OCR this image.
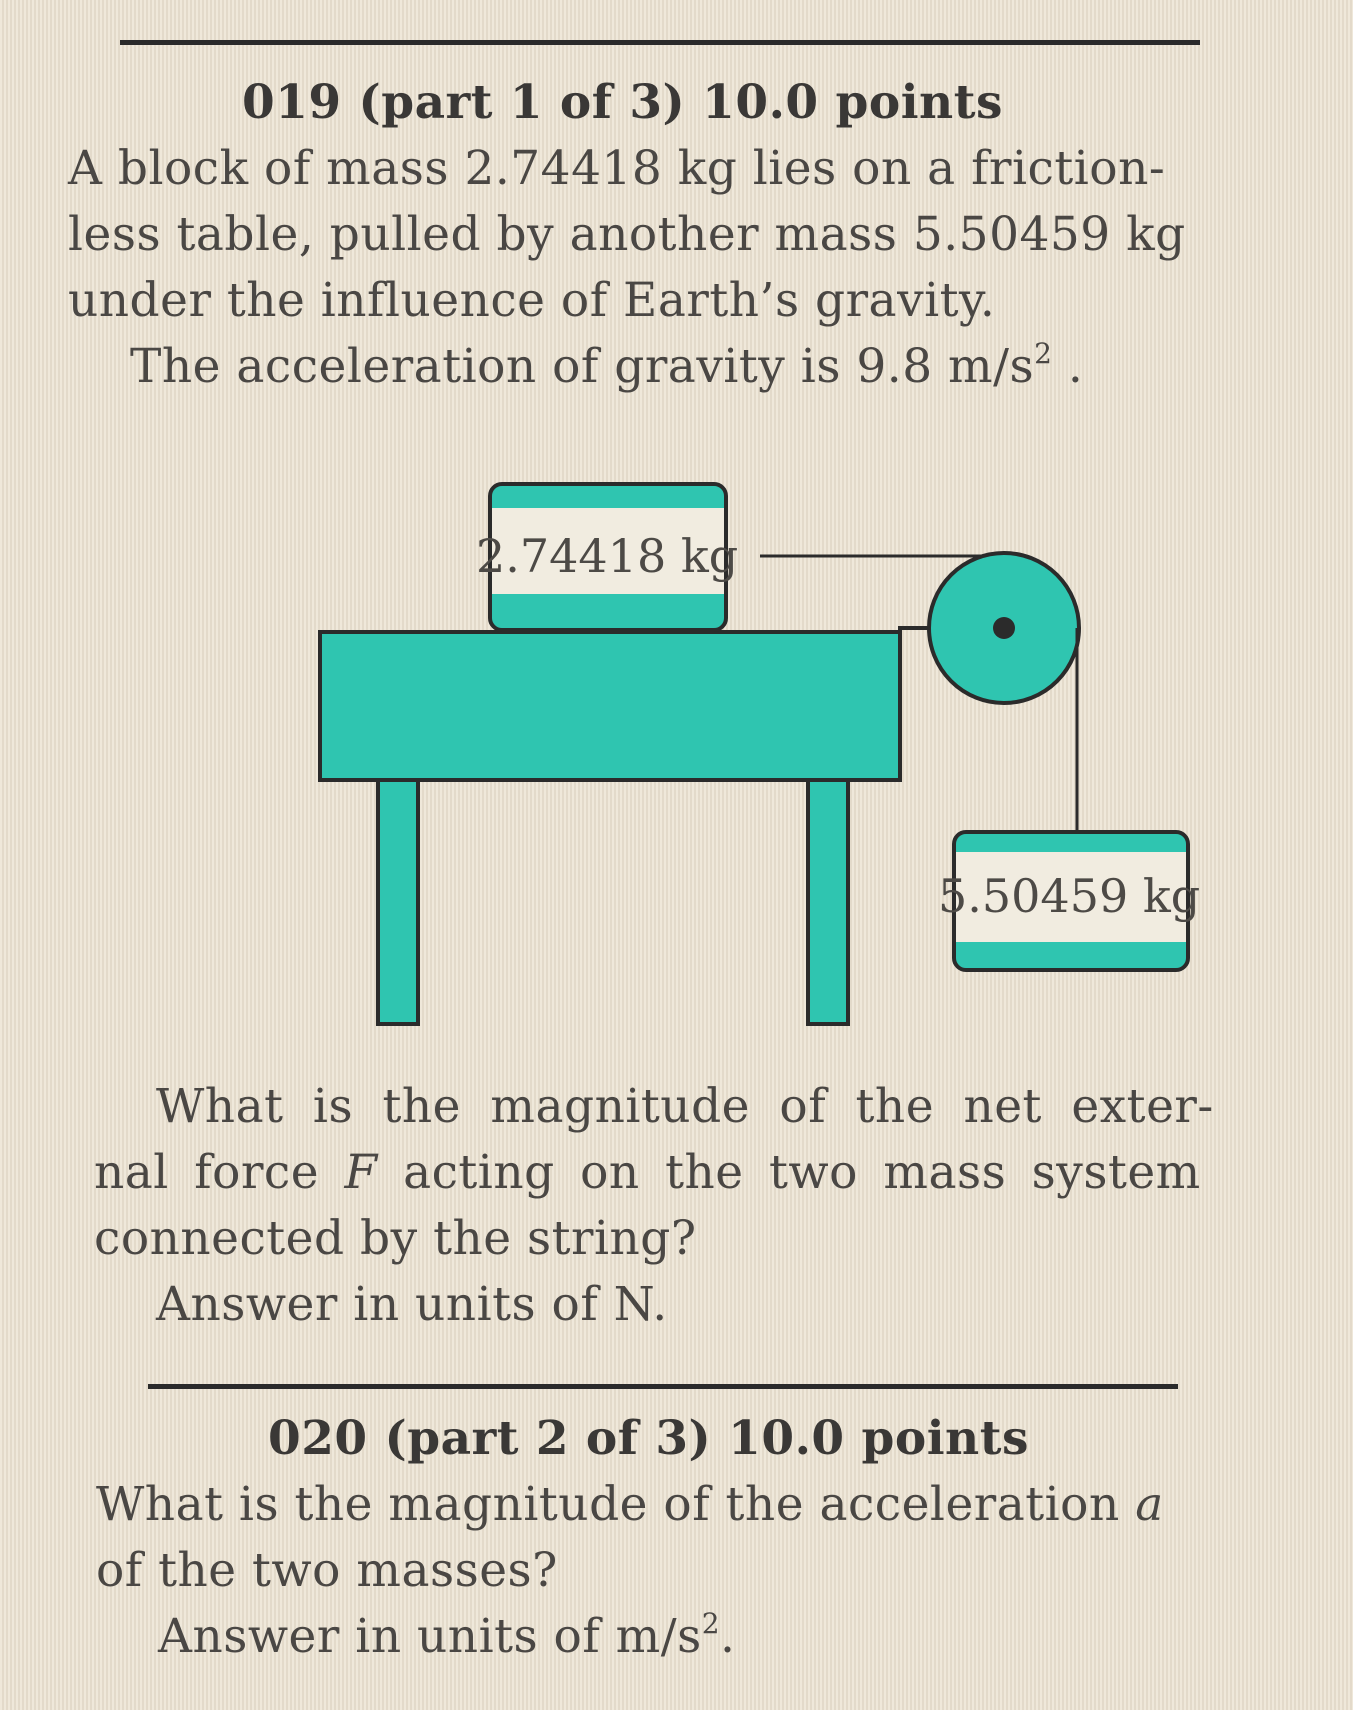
019 (part 1 of 3) 10.0 points
A block of mass 2.74418 kg lies on a friction-
less table, pulled by another mass 5.50459 kg
under the influence of Earth’s gravity.
The acceleration of gravity is 9.8 $m/s^2$ .
2.74418 kg
5.50459 kg
What is the magnitude of the net exter-
nal force F acting on the two mass system
connected by the string?
Answer in units of N.
020 (part 2 of 3) 10.0 points
What is the magnitude of the acceleration a
of the two masses?
Answer in units of $m/s^2$.
